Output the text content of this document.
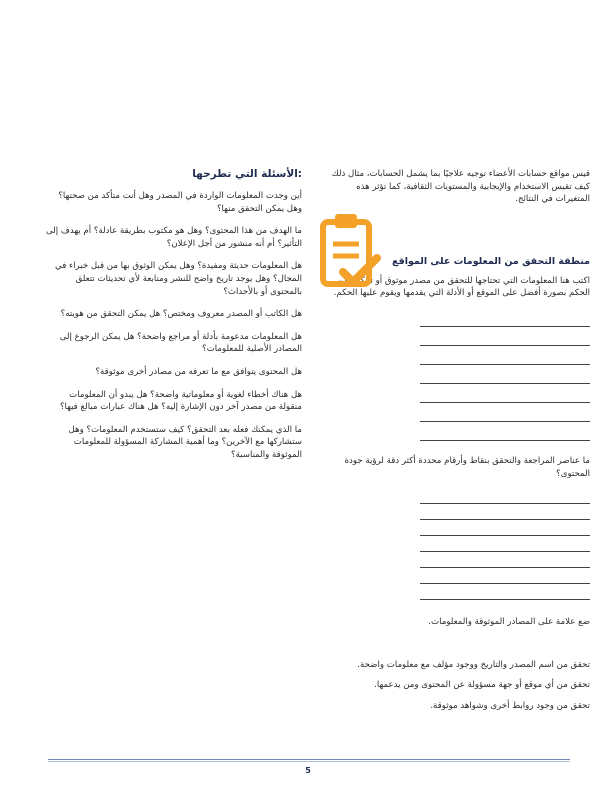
قيس مواقع حسابات الأعضاء توجيه علاجيًا بما يشمل الحسابات، مثال ذلك كيف تقيس الاستخدام والإيجابية والمستويات الثقافية، كما تؤثر هذه المتغيرات في النتائج.

منطقة التحقق من المعلومات على المواقع

اكتب هنا المعلومات التي تحتاجها للتحقق من مصدر موثوق أو تمكنك من الحكم بصورة أفضل على الموقع أو الأدلة التي يقدمها ويقوم عليها الحكم.

ما عناصر المراجعة والتحقق بنقاط وأرقام محددة أكثر دقة لرؤية جودة المحتوى؟

ضع علامة على المصادر الموثوقة والمعلومات.

تحقق من اسم المصدر والتاريخ ووجود مؤلف مع معلومات واضحة.

تحقق من أي موقع أو جهة مسؤولة عن المحتوى ومن يدعمها.

تحقق من وجود روابط أخرى وشواهد موثوقة.

:الأسئلة التي تطرحها

أين وجدت المعلومات الواردة في المصدر وهل أنت متأكد من صحتها؟ وهل يمكن التحقق منها؟

ما الهدف من هذا المحتوى؟ وهل هو مكتوب بطريقة عادلة؟ أم يهدف إلى التأثير؟ أم أنه منشور من أجل الإعلان؟

هل المعلومات حديثة ومفيدة؟ وهل يمكن الوثوق بها من قبل خبراء في المجال؟ وهل يوجد تاريخ واضح للنشر ومتابعة لأي تحديثات تتعلق بالمحتوى أو بالأحداث؟

هل الكاتب أو المصدر معروف ومختص؟ هل يمكن التحقق من هويته؟

هل المعلومات مدعومة بأدلة أو مراجع واضحة؟ هل يمكن الرجوع إلى المصادر الأصلية للمعلومات؟

هل المحتوى يتوافق مع ما تعرفه من مصادر أخرى موثوقة؟

هل هناك أخطاء لغوية أو معلوماتية واضحة؟ هل يبدو أن المعلومات منقولة من مصدر آخر دون الإشارة إليه؟ هل هناك عبارات مبالغ فيها؟

ما الذي يمكنك فعله بعد التحقق؟ كيف ستستخدم المعلومات؟ وهل ستشاركها مع الآخرين؟ وما أهمية المشاركة المسؤولة للمعلومات الموثوقة والمناسبة؟

5
